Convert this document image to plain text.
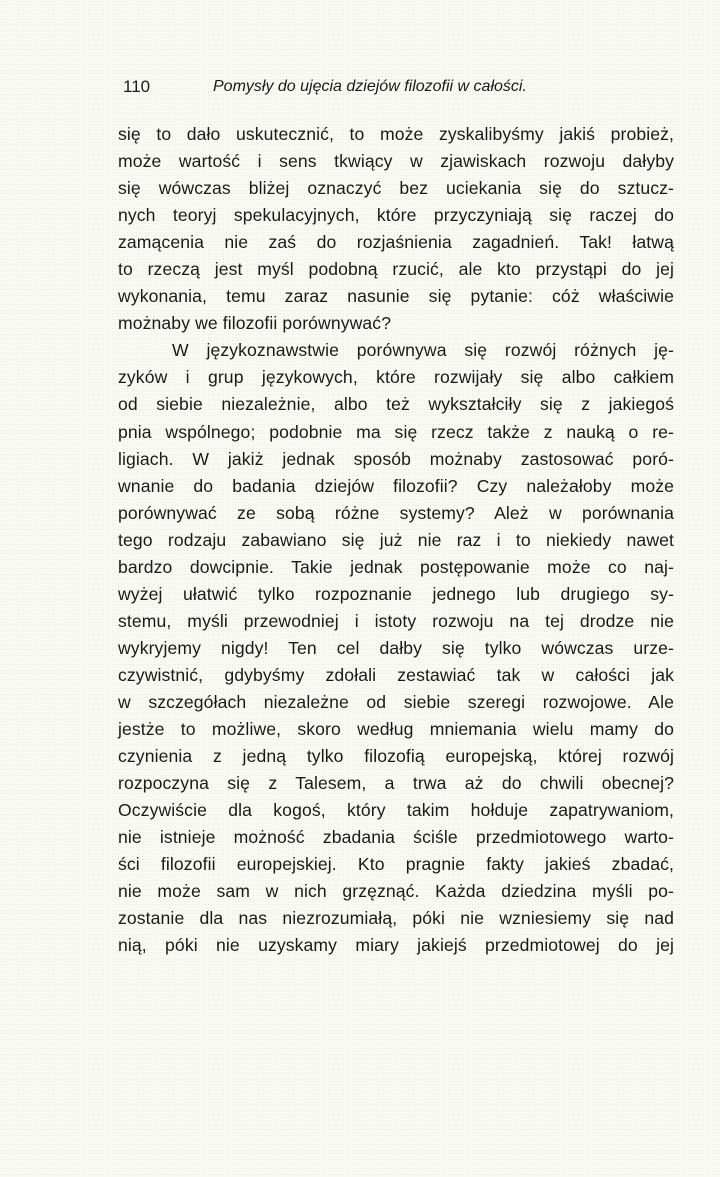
110	Pomysły do ujęcia dziejów filozofii w całości.
się to dało uskutecznić, to może zyskalibyśmy jakiś probież,
może wartość i sens tkwiący w zjawiskach rozwoju dałyby
się wówczas bliżej oznaczyć bez uciekania się do sztucz-
nych teoryj spekulacyjnych, które przyczyniają się raczej do
zamącenia nie zaś do rozjaśnienia zagadnień. Tak! łatwą
to rzeczą jest myśl podobną rzucić, ale kto przystąpi do jej
wykonania, temu zaraz nasunie się pytanie: cóż właściwie
możnaby we filozofii porównywać?
W językoznawstwie porównywa się rozwój różnych ję-
zyków i grup językowych, które rozwijały się albo całkiem
od siebie niezależnie, albo też wykształciły się z jakiegoś
pnia wspólnego; podobnie ma się rzecz także z nauką o re-
ligiach. W jakiż jednak sposób możnaby zastosować poró-
wnanie do badania dziejów filozofii? Czy należałoby może
porównywać ze sobą różne systemy? Ależ w porównania
tego rodzaju zabawiano się już nie raz i to niekiedy nawet
bardzo dowcipnie. Takie jednak postępowanie może co naj-
wyżej ułatwić tylko rozpoznanie jednego lub drugiego sy-
stemu, myśli przewodniej i istoty rozwoju na tej drodze nie
wykryjemy nigdy! Ten cel dałby się tylko wówczas urze-
czywistnić, gdybyśmy zdołali zestawiać tak w całości jak
w szczegółach niezależne od siebie szeregi rozwojowe. Ale
jestże to możliwe, skoro według mniemania wielu mamy do
czynienia z jedną tylko filozofią europejską, której rozwój
rozpoczyna się z Talesem, a trwa aż do chwili obecnej?
Oczywiście dla kogoś, który takim hołduje zapatrywaniom,
nie istnieje możność zbadania ściśle przedmiotowego warto-
ści filozofii europejskiej. Kto pragnie fakty jakieś zbadać,
nie może sam w nich grzęznąć. Każda dziedzina myśli po-
zostanie dla nas niezrozumiałą, póki nie wzniesiemy się nad
nią, póki nie uzyskamy miary jakiejś przedmiotowej do jej
